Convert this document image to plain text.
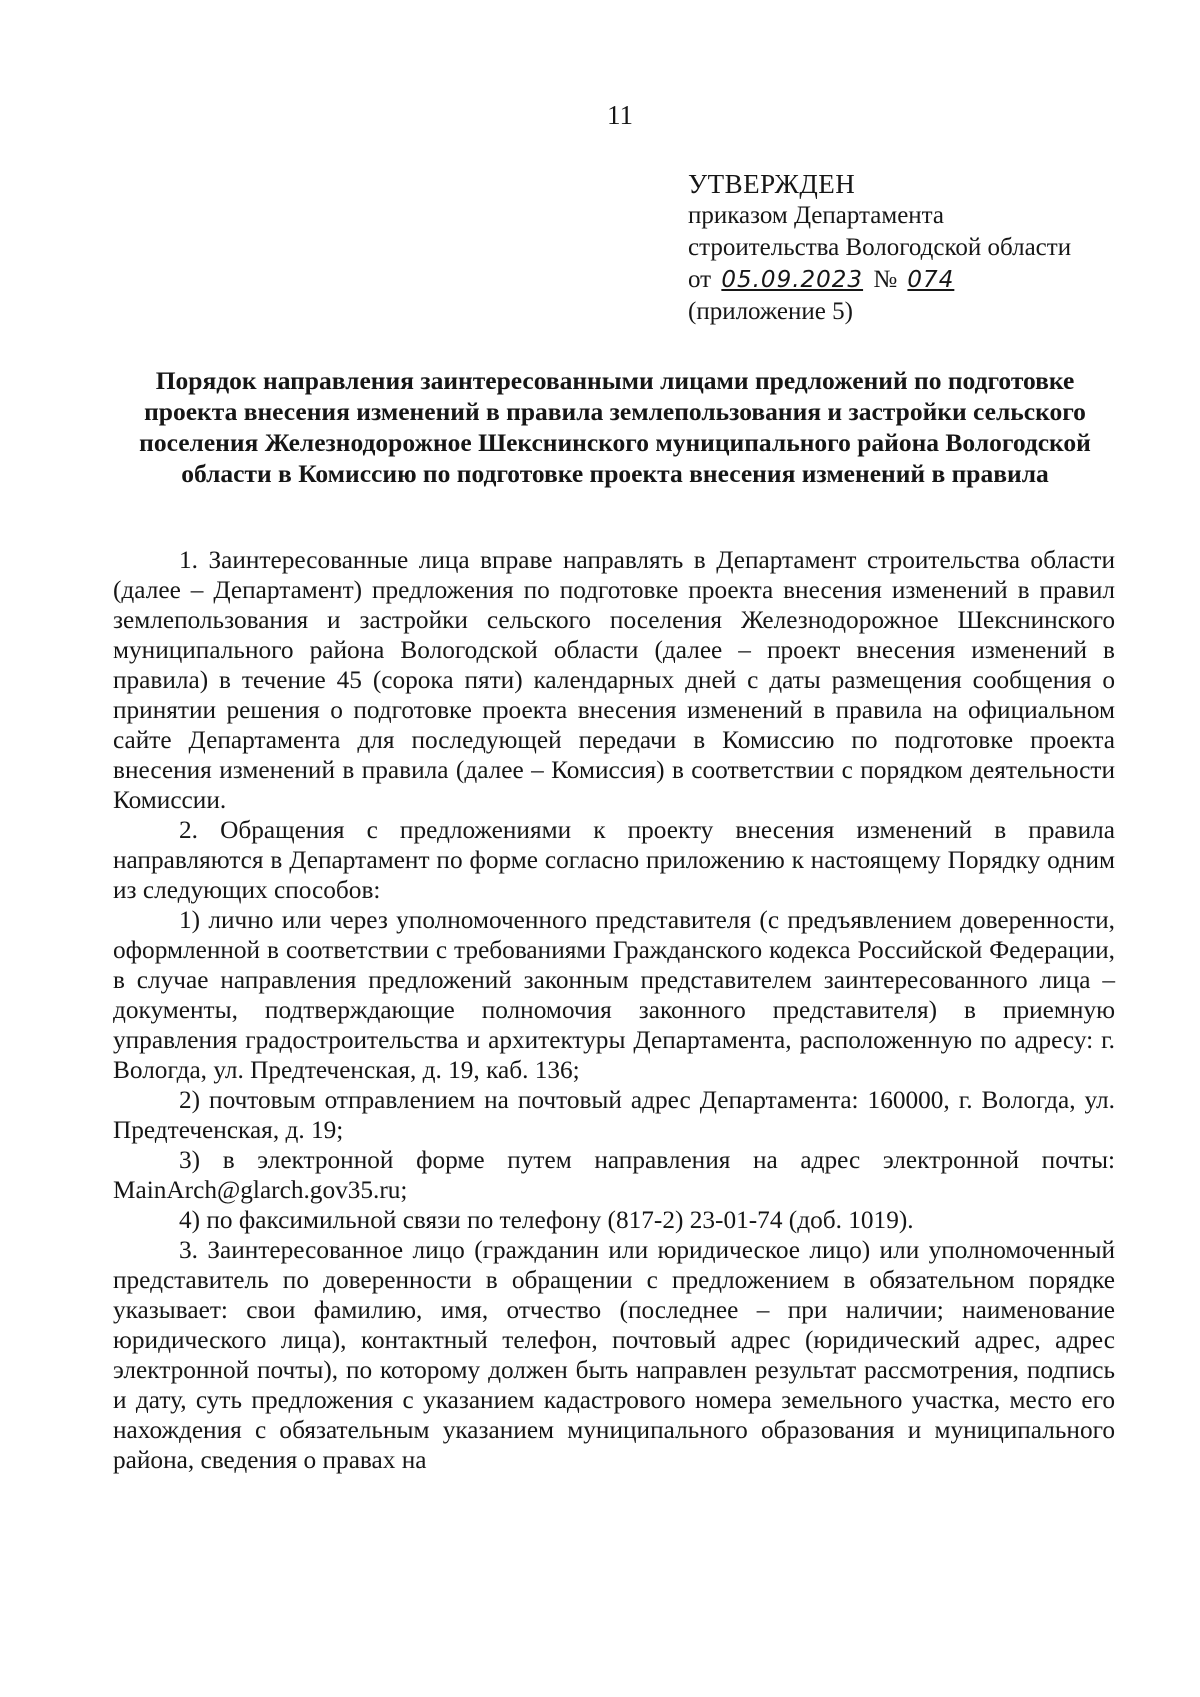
11
УТВЕРЖДЕН
приказом Департамента
строительства Вологодской области
от 05.09.2023 № 074
(приложение 5)
Порядок направления заинтересованными лицами предложений по подготовке проекта внесения изменений в правила землепользования и застройки сельского поселения Железнодорожное Шекснинского муниципального района Вологодской области в Комиссию по подготовке проекта внесения изменений в правила

1. Заинтересованные лица вправе направлять в Департамент строительства области (далее – Департамент) предложения по подготовке проекта внесения изменений в правил землепользования и застройки сельского поселения Железнодорожное Шекснинского муниципального района Вологодской области (далее – проект внесения изменений в правила) в течение 45 (сорока пяти) календарных дней с даты размещения сообщения о принятии решения о подготовке проекта внесения изменений в правила на официальном сайте Департамента для последующей передачи в Комиссию по подготовке проекта внесения изменений в правила (далее – Комиссия) в соответствии с порядком деятельности Комиссии.

2. Обращения с предложениями к проекту внесения изменений в правила направляются в Департамент по форме согласно приложению к настоящему Порядку одним из следующих способов:

1) лично или через уполномоченного представителя (с предъявлением доверенности, оформленной в соответствии с требованиями Гражданского кодекса Российской Федерации, в случае направления предложений законным представителем заинтересованного лица – документы, подтверждающие полномочия законного представителя) в приемную управления градостроительства и архитектуры Департамента, расположенную по адресу: г. Вологда, ул. Предтеченская, д. 19, каб. 136;

2) почтовым отправлением на почтовый адрес Департамента: 160000, г. Вологда, ул. Предтеченская, д. 19;

3) в электронной форме путем направления на адрес электронной почты: MainArch@glarch.gov35.ru;

4) по факсимильной связи по телефону (817-2) 23-01-74 (доб. 1019).

3. Заинтересованное лицо (гражданин или юридическое лицо) или уполномоченный представитель по доверенности в обращении с предложением в обязательном порядке указывает: свои фамилию, имя, отчество (последнее – при наличии; наименование юридического лица), контактный телефон, почтовый адрес (юридический адрес, адрес электронной почты), по которому должен быть направлен результат рассмотрения, подпись и дату, суть предложения с указанием кадастрового номера земельного участка, место его нахождения с обязательным указанием муниципального образования и муниципального района, сведения о правах на
